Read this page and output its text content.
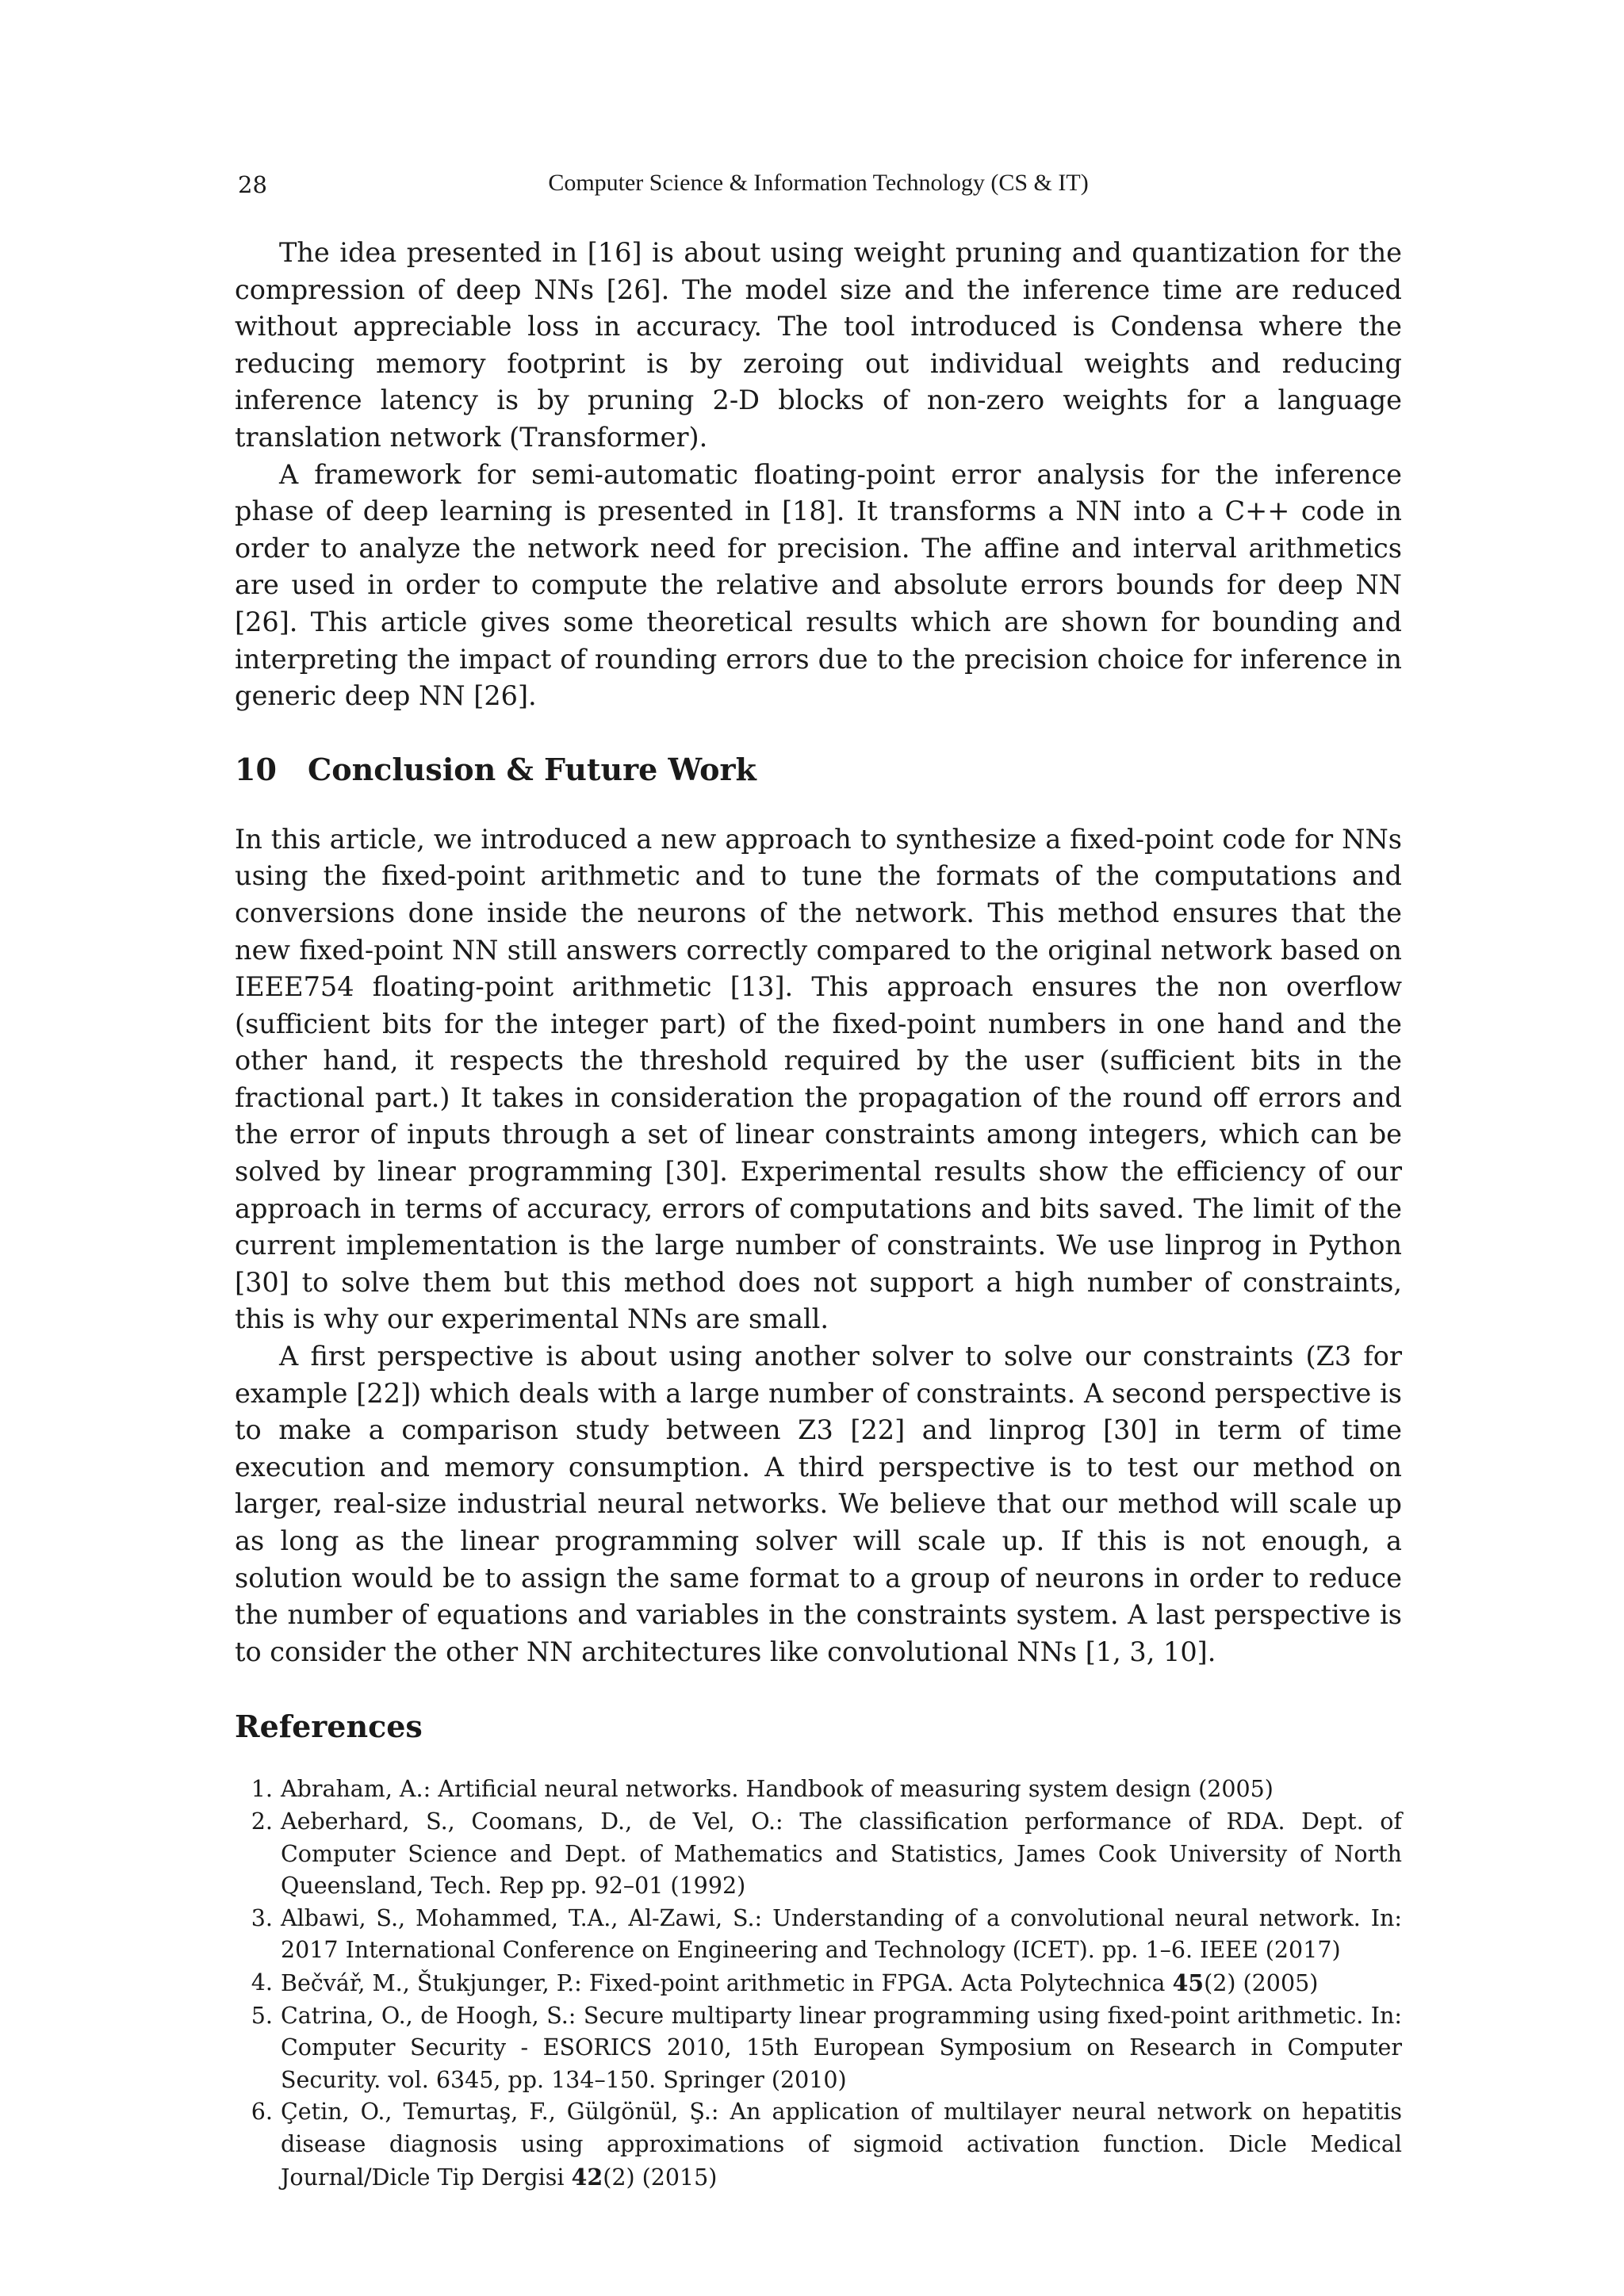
28	Computer Science & Information Technology (CS & IT)

The idea presented in [16] is about using weight pruning and quantization for the compression of deep NNs [26]. The model size and the inference time are reduced without appreciable loss in accuracy. The tool introduced is Condensa where the reducing memory footprint is by zeroing out individual weights and reducing inference latency is by pruning 2-D blocks of non-zero weights for a language translation network (Transformer).

A framework for semi-automatic floating-point error analysis for the inference phase of deep learning is presented in [18]. It transforms a NN into a C++ code in order to analyze the network need for precision. The affine and interval arithmetics are used in order to compute the relative and absolute errors bounds for deep NN [26]. This article gives some theoretical results which are shown for bounding and interpreting the impact of rounding errors due to the precision choice for inference in generic deep NN [26].

10 Conclusion & Future Work

In this article, we introduced a new approach to synthesize a fixed-point code for NNs using the fixed-point arithmetic and to tune the formats of the computations and conversions done inside the neurons of the network. This method ensures that the new fixed-point NN still answers correctly compared to the original network based on IEEE754 floating-point arithmetic [13]. This approach ensures the non overflow (sufficient bits for the integer part) of the fixed-point numbers in one hand and the other hand, it respects the threshold required by the user (sufficient bits in the fractional part.) It takes in consideration the propagation of the round off errors and the error of inputs through a set of linear constraints among integers, which can be solved by linear programming [30]. Experimental results show the efficiency of our approach in terms of accuracy, errors of computations and bits saved. The limit of the current implementation is the large number of constraints. We use linprog in Python [30] to solve them but this method does not support a high number of constraints, this is why our experimental NNs are small.

A first perspective is about using another solver to solve our constraints (Z3 for example [22]) which deals with a large number of constraints. A second perspective is to make a comparison study between Z3 [22] and linprog [30] in term of time execution and memory consumption. A third perspective is to test our method on larger, real-size industrial neural networks. We believe that our method will scale up as long as the linear programming solver will scale up. If this is not enough, a solution would be to assign the same format to a group of neurons in order to reduce the number of equations and variables in the constraints system. A last perspective is to consider the other NN architectures like convolutional NNs [1, 3, 10].

References
1. Abraham, A.: Artificial neural networks. Handbook of measuring system design (2005)
2. Aeberhard, S., Coomans, D., de Vel, O.: The classification performance of RDA. Dept. of Computer Science and Dept. of Mathematics and Statistics, James Cook University of North Queensland, Tech. Rep pp. 92–01 (1992)
3. Albawi, S., Mohammed, T.A., Al-Zawi, S.: Understanding of a convolutional neural network. In: 2017 International Conference on Engineering and Technology (ICET). pp. 1–6. IEEE (2017)
4. Bečvář, M., Štukjunger, P.: Fixed-point arithmetic in FPGA. Acta Polytechnica 45(2) (2005)
5. Catrina, O., de Hoogh, S.: Secure multiparty linear programming using fixed-point arithmetic. In: Computer Security - ESORICS 2010, 15th European Symposium on Research in Computer Security. vol. 6345, pp. 134–150. Springer (2010)
6. Çetin, O., Temurtaş, F., Gülgönül, Ş.: An application of multilayer neural network on hepatitis disease diagnosis using approximations of sigmoid activation function. Dicle Medical Journal/Dicle Tip Dergisi 42(2) (2015)
